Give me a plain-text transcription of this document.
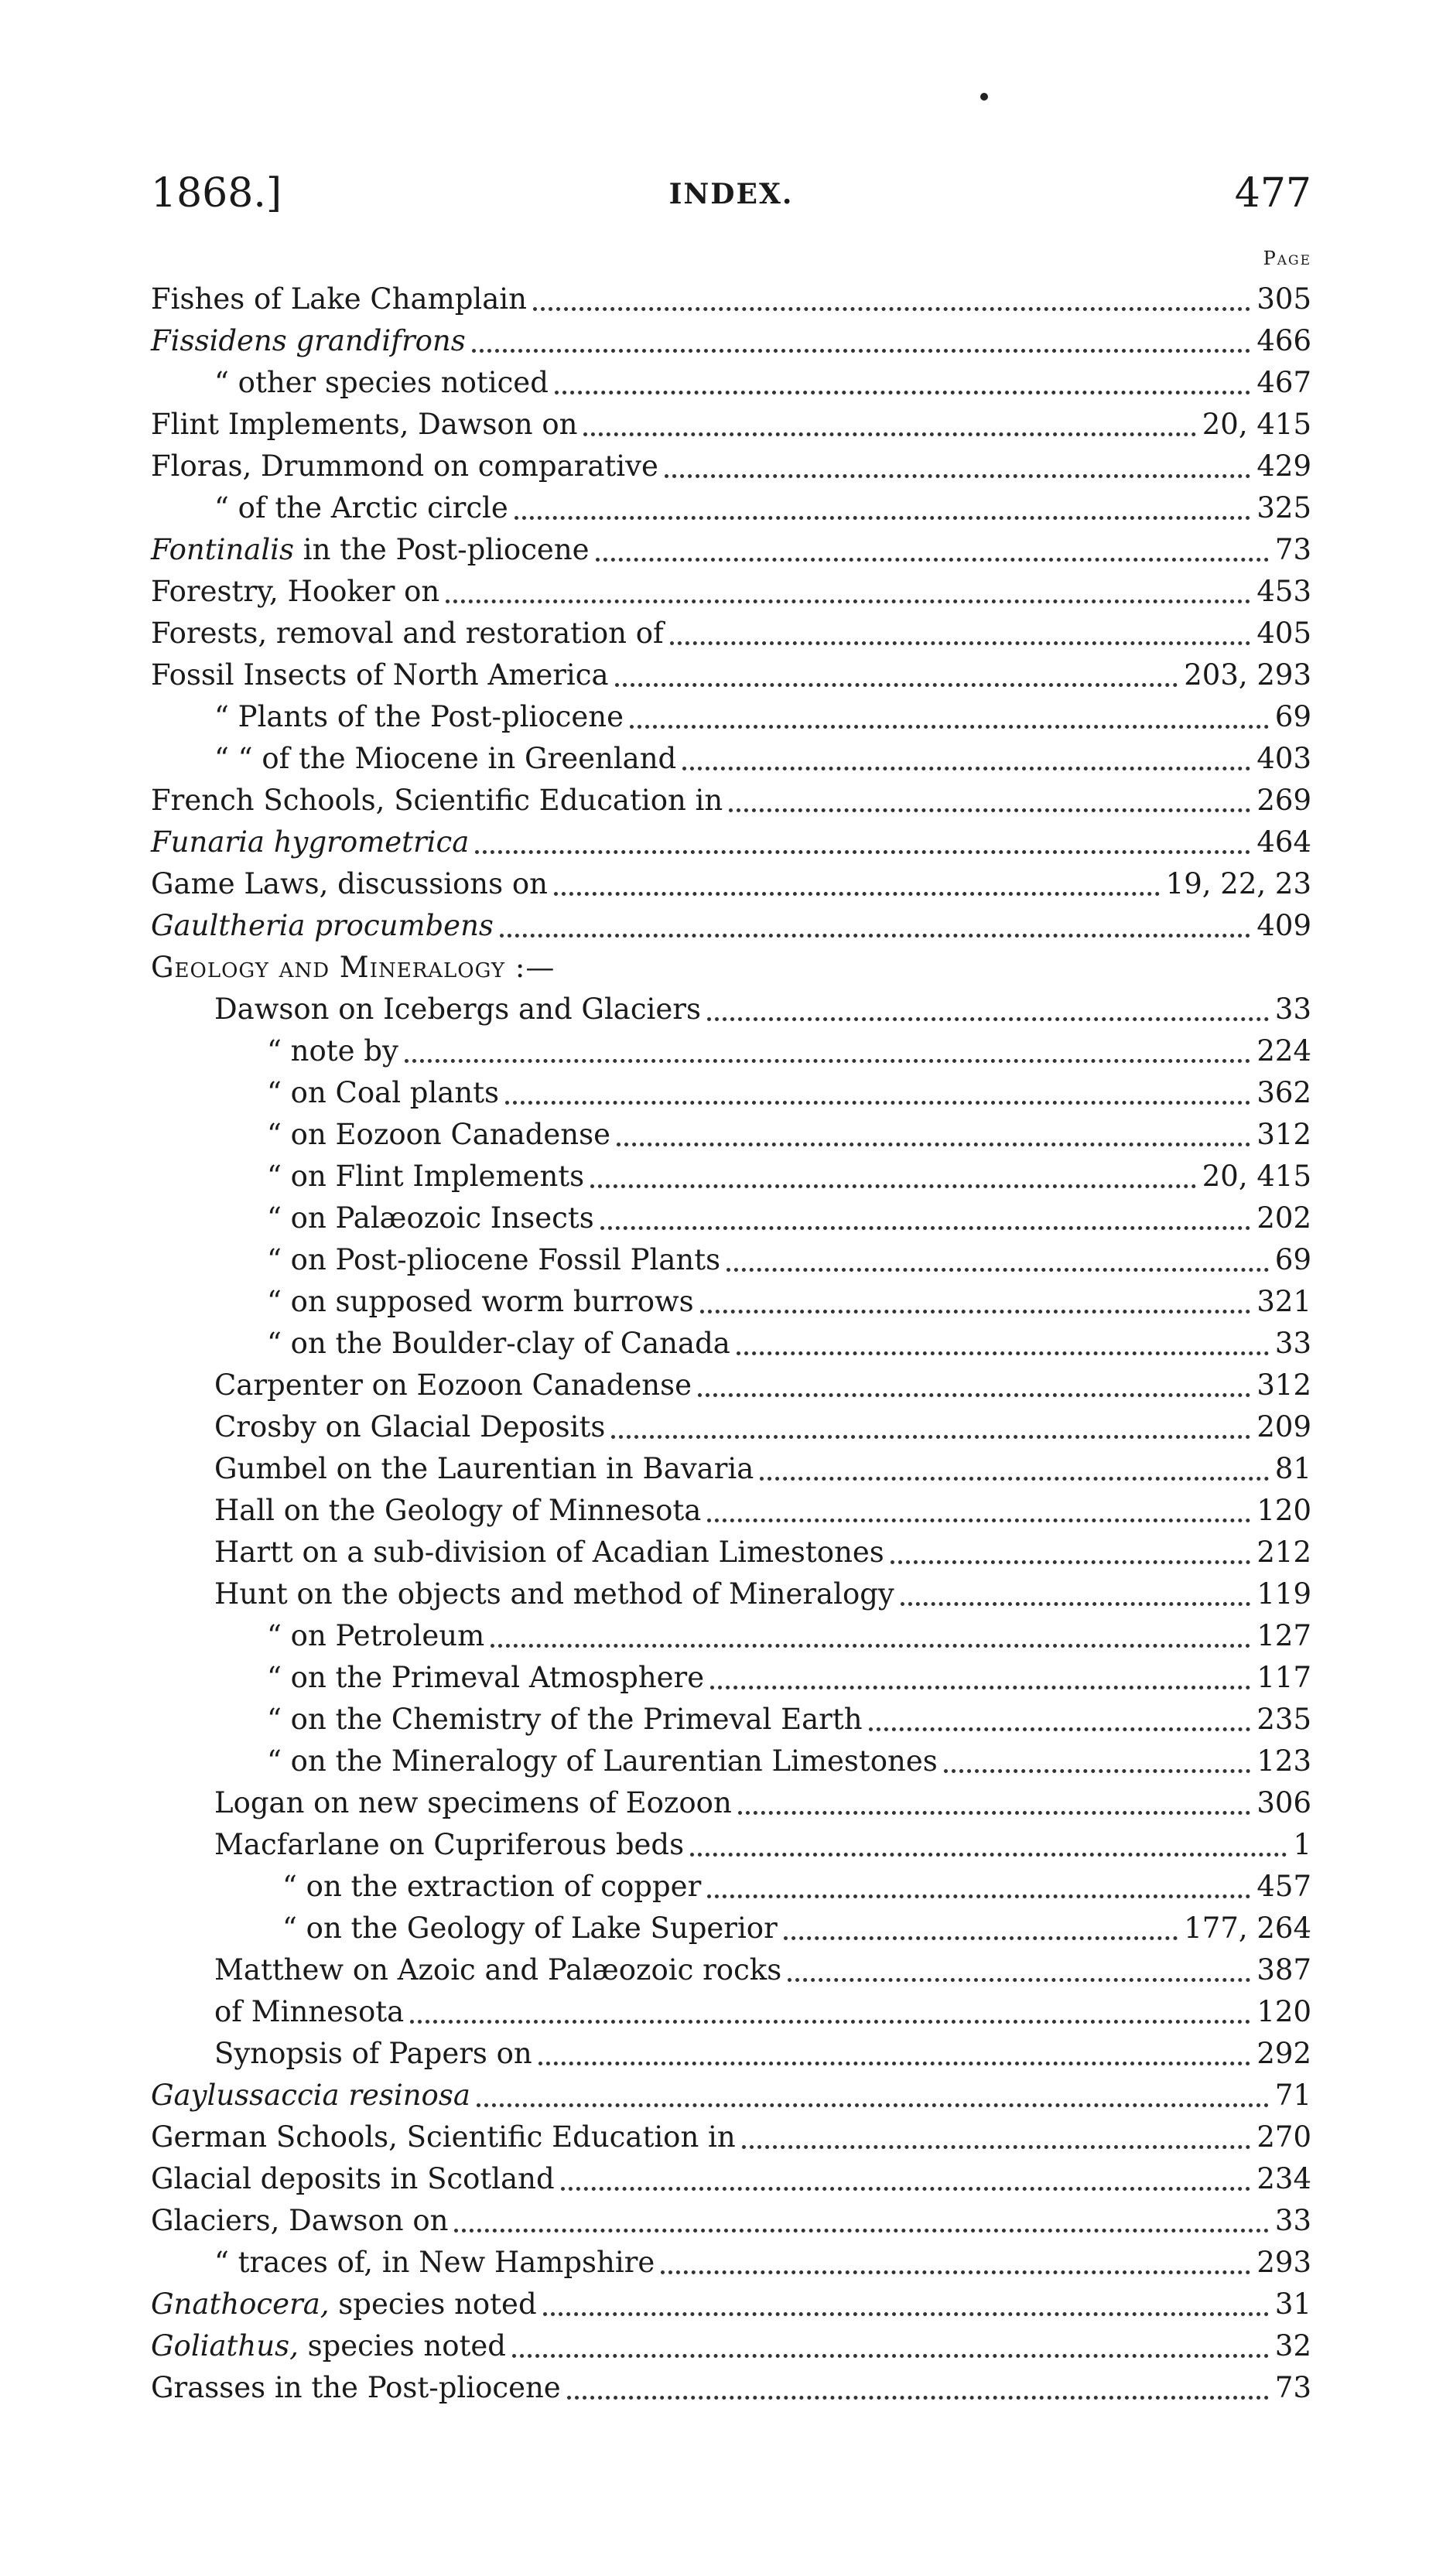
1868.]	INDEX.	477
Page
Fishes of Lake Champlain	305
Fissidens grandifrons	466
“ other species noticed	467
Flint Implements, Dawson on	20, 415
Floras, Drummond on comparative	429
“ of the Arctic circle	325
Fontinalis in the Post-pliocene	73
Forestry, Hooker on	453
Forests, removal and restoration of	405
Fossil Insects of North America	203, 293
“ Plants of the Post-pliocene	69
“ “ of the Miocene in Greenland	403
French Schools, Scientific Education in	269
Funaria hygrometrica	464
Game Laws, discussions on	19, 22, 23
Gaultheria procumbens	409
Geology and Mineralogy :—
Dawson on Icebergs and Glaciers	33
“ note by	224
“ on Coal plants	362
“ on Eozoon Canadense	312
“ on Flint Implements	20, 415
“ on Palæozoic Insects	202
“ on Post-pliocene Fossil Plants	69
“ on supposed worm burrows	321
“ on the Boulder-clay of Canada	33
Carpenter on Eozoon Canadense	312
Crosby on Glacial Deposits	209
Gumbel on the Laurentian in Bavaria	81
Hall on the Geology of Minnesota	120
Hartt on a sub-division of Acadian Limestones	212
Hunt on the objects and method of Mineralogy	119
“ on Petroleum	127
“ on the Primeval Atmosphere	117
“ on the Chemistry of the Primeval Earth	235
“ on the Mineralogy of Laurentian Limestones	123
Logan on new specimens of Eozoon	306
Macfarlane on Cupriferous beds	1
“ on the extraction of copper	457
“ on the Geology of Lake Superior	177, 264
Matthew on Azoic and Palæozoic rocks	387
of Minnesota	120
Synopsis of Papers on	292
Gaylussaccia resinosa	71
German Schools, Scientific Education in	270
Glacial deposits in Scotland	234
Glaciers, Dawson on	33
“ traces of, in New Hampshire	293
Gnathocera, species noted	31
Goliathus, species noted	32
Grasses in the Post-pliocene	73
